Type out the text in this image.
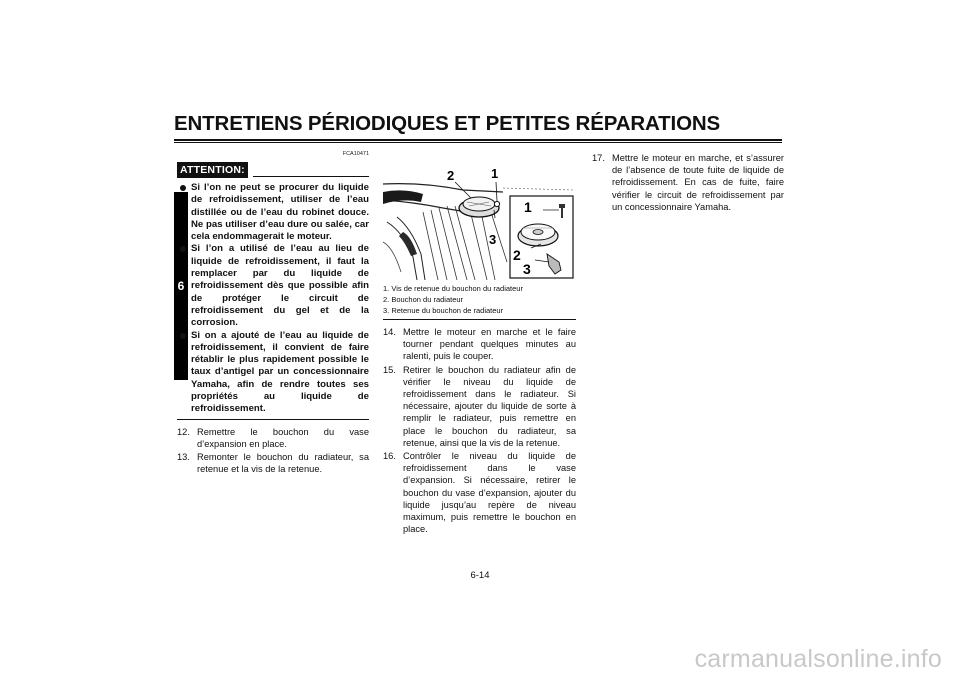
ENTRETIENS PÉRIODIQUES ET PETITES RÉPARATIONS
6
FCA10471
ATTENTION:
Si l’on ne peut se procurer du liquide de refroidissement, utiliser de l’eau distillée ou de l’eau du robinet douce. Ne pas utiliser d’eau dure ou salée, car cela endommagerait le moteur.
Si l’on a utilisé de l’eau au lieu de liquide de refroidissement, il faut la remplacer par du liquide de refroidissement dès que possible afin de protéger le circuit de refroidissement du gel et de la corrosion.
Si on a ajouté de l’eau au liquide de refroidissement, il convient de faire rétablir le plus rapidement possible le taux d’antigel par un concessionnaire Yamaha, afin de rendre toutes ses propriétés au liquide de refroidissement.
12. Remettre le bouchon du vase d’expansion en place.
13. Remonter le bouchon du radiateur, sa retenue et la vis de la retenue.
2	1
3
1
2
3
1. Vis de retenue du bouchon du radiateur
2. Bouchon du radiateur
3. Retenue du bouchon de radiateur
14. Mettre le moteur en marche et le faire tourner pendant quelques minutes au ralenti, puis le couper.
15. Retirer le bouchon du radiateur afin de vérifier le niveau du liquide de refroidissement dans le radiateur. Si nécessaire, ajouter du liquide de sorte à remplir le radiateur, puis remettre en place le bouchon du radiateur, sa retenue, ainsi que la vis de la retenue.
16. Contrôler le niveau du liquide de refroidissement dans le vase d’expansion. Si nécessaire, retirer le bouchon du vase d’expansion, ajouter du liquide jusqu’au repère de niveau maximum, puis remettre le bouchon en place.
17. Mettre le moteur en marche, et s’assurer de l’absence de toute fuite de liquide de refroidissement. En cas de fuite, faire vérifier le circuit de refroidissement par un concessionnaire Yamaha.
6-14
carmanualsonline.info
